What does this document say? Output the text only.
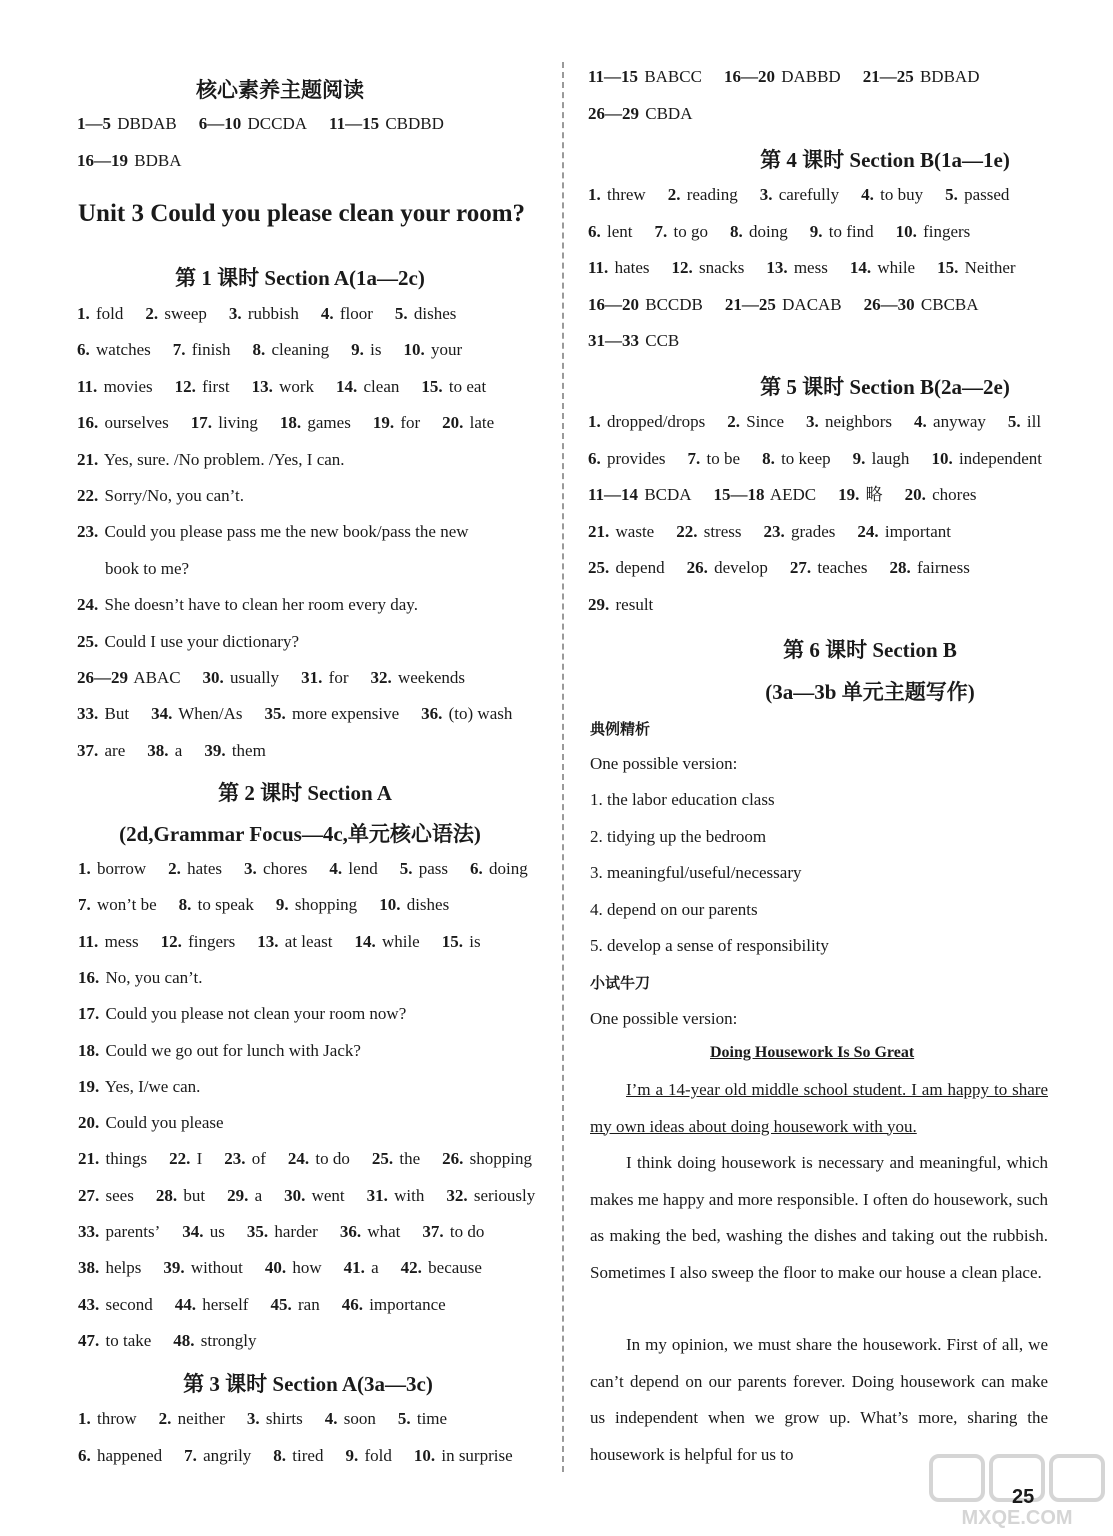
核心素养主题阅读
1—5 DBDAB 6—10 DCCDA 11—15 CBDBD
16—19 BDBA
Unit 3 Could you please clean your room?
第 1 课时 Section A(1a—2c)
1. fold 2. sweep 3. rubbish 4. floor 5. dishes
6. watches 7. finish 8. cleaning 9. is 10. your
11. movies 12. first 13. work 14. clean 15. to eat
16. ourselves 17. living 18. games 19. for 20. late
21. Yes, sure. /No problem. /Yes, I can.
22. Sorry/No, you can’t.
23. Could you please pass me the new book/pass the new
book to me?
24. She doesn’t have to clean her room every day.
25. Could I use your dictionary?
26—29 ABAC 30. usually 31. for 32. weekends
33. But 34. When/As 35. more expensive 36. (to) wash
37. are 38. a 39. them
第 2 课时 Section A
(2d,Grammar Focus—4c,单元核心语法)
1. borrow 2. hates 3. chores 4. lend 5. pass 6. doing
7. won’t be 8. to speak 9. shopping 10. dishes
11. mess 12. fingers 13. at least 14. while 15. is
16. No, you can’t.
17. Could you please not clean your room now?
18. Could we go out for lunch with Jack?
19. Yes, I/we can.
20. Could you please
21. things 22. I 23. of 24. to do 25. the 26. shopping
27. sees 28. but 29. a 30. went 31. with 32. seriously
33. parents’ 34. us 35. harder 36. what 37. to do
38. helps 39. without 40. how 41. a 42. because
43. second 44. herself 45. ran 46. importance
47. to take 48. strongly
第 3 课时 Section A(3a—3c)
1. throw 2. neither 3. shirts 4. soon 5. time
6. happened 7. angrily 8. tired 9. fold 10. in surprise
11—15 BABCC 16—20 DABBD 21—25 BDBAD
26—29 CBDA
第 4 课时 Section B(1a—1e)
1. threw 2. reading 3. carefully 4. to buy 5. passed
6. lent 7. to go 8. doing 9. to find 10. fingers
11. hates 12. snacks 13. mess 14. while 15. Neither
16—20 BCCDB 21—25 DACAB 26—30 CBCBA
31—33 CCB
第 5 课时 Section B(2a—2e)
1. dropped/drops 2. Since 3. neighbors 4. anyway 5. ill
6. provides 7. to be 8. to keep 9. laugh 10. independent
11—14 BCDA 15—18 AEDC 19. 略 20. chores
21. waste 22. stress 23. grades 24. important
25. depend 26. develop 27. teaches 28. fairness
29. result
第 6 课时 Section B
(3a—3b 单元主题写作)
典例精析
One possible version:
1. the labor education class
2. tidying up the bedroom
3. meaningful/useful/necessary
4. depend on our parents
5. develop a sense of responsibility
小试牛刀
One possible version:
Doing Housework Is So Great
I’m a 14-year old middle school student. I am happy to share my own ideas about doing housework with you.
I think doing housework is necessary and meaningful, which makes me happy and more responsible. I often do housework, such as making the bed, washing the dishes and taking out the rubbish. Sometimes I also sweep the floor to make our house a clean place.
In my opinion, we must share the housework. First of all, we can’t depend on our parents forever. Doing housework can make us independent when we grow up. What’s more, sharing the housework is helpful for us to
MXQE.COM
25
